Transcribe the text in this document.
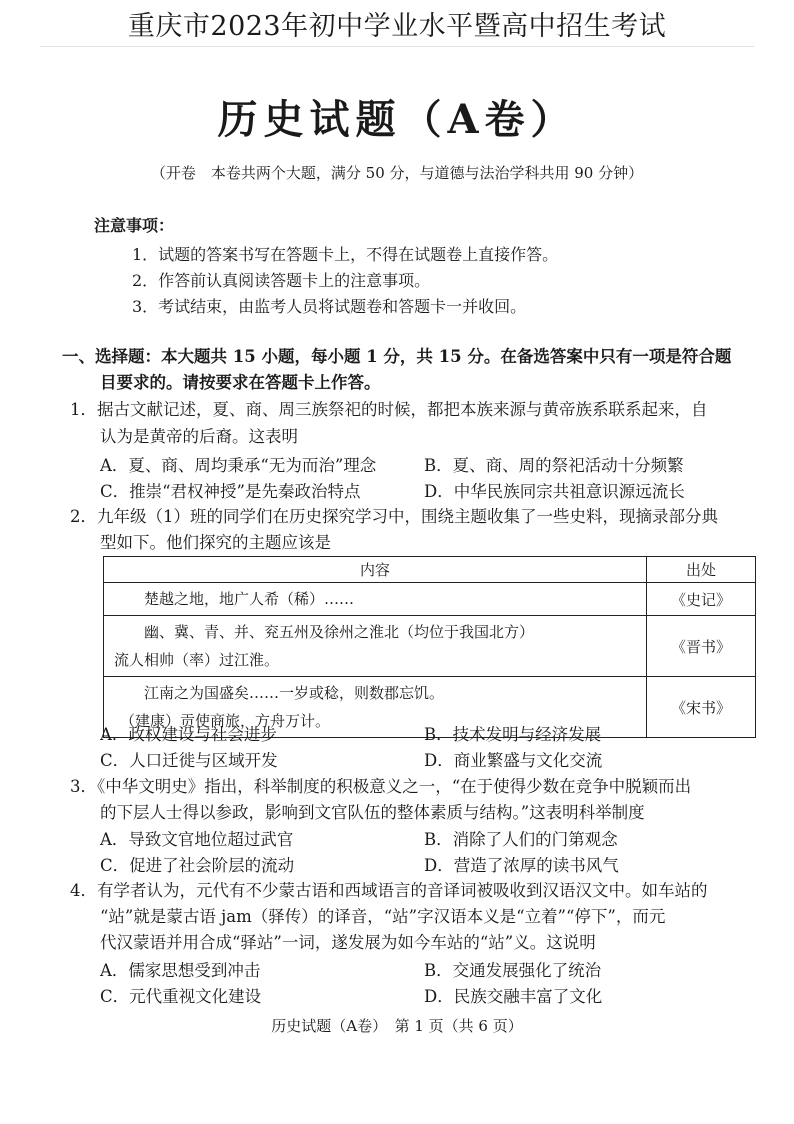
重庆市2023年初中学业水平暨高中招生考试
历史试题（A卷）
（开卷　本卷共两个大题，满分 50 分，与道德与法治学科共用 90 分钟）
注意事项：
1．试题的答案书写在答题卡上，不得在试题卷上直接作答。
2．作答前认真阅读答题卡上的注意事项。
3．考试结束，由监考人员将试题卷和答题卡一并收回。
一、选择题：本大题共 15 小题，每小题 1 分，共 15 分。在备选答案中只有一项是符合题
目要求的。请按要求在答题卡上作答。
1．据古文献记述，夏、商、周三族祭祀的时候，都把本族来源与黄帝族系联系起来，自
认为是黄帝的后裔。这表明
A．夏、商、周均秉承“无为而治”理念	B．夏、商、周的祭祀活动十分频繁
C．推崇“君权神授”是先秦政治特点	D．中华民族同宗共祖意识源远流长
2．九年级（1）班的同学们在历史探究学习中，围绕主题收集了一些史料，现摘录部分典
型如下。他们探究的主题应该是
内容	出处
楚越之地，地广人希（稀）……	《史记》

幽、冀、青、并、兖五州及徐州之淮北（均位于我国北方）
流人相帅（率）过江淮。	《晋书》

江南之为国盛矣……一岁或稔，则数郡忘饥。
（建康）贡使商旅，方舟万计。	《宋书》
A．政权建设与社会进步	B．技术发明与经济发展
C．人口迁徙与区域开发	D．商业繁盛与文化交流
3．《中华文明史》指出，科举制度的积极意义之一，“在于使得少数在竞争中脱颖而出
的下层人士得以参政，影响到文官队伍的整体素质与结构。”这表明科举制度
A．导致文官地位超过武官	B．消除了人们的门第观念
C．促进了社会阶层的流动	D．营造了浓厚的读书风气
4．有学者认为，元代有不少蒙古语和西域语言的音译词被吸收到汉语汉文中。如车站的
“站”就是蒙古语 jam（驿传）的译音，“站”字汉语本义是“立着”“停下”，而元
代汉蒙语并用合成“驿站”一词，遂发展为如今车站的“站”义。这说明
A．儒家思想受到冲击	B．交通发展强化了统治
C．元代重视文化建设	D．民族交融丰富了文化
历史试题（A卷）　第 1 页（共 6 页）
